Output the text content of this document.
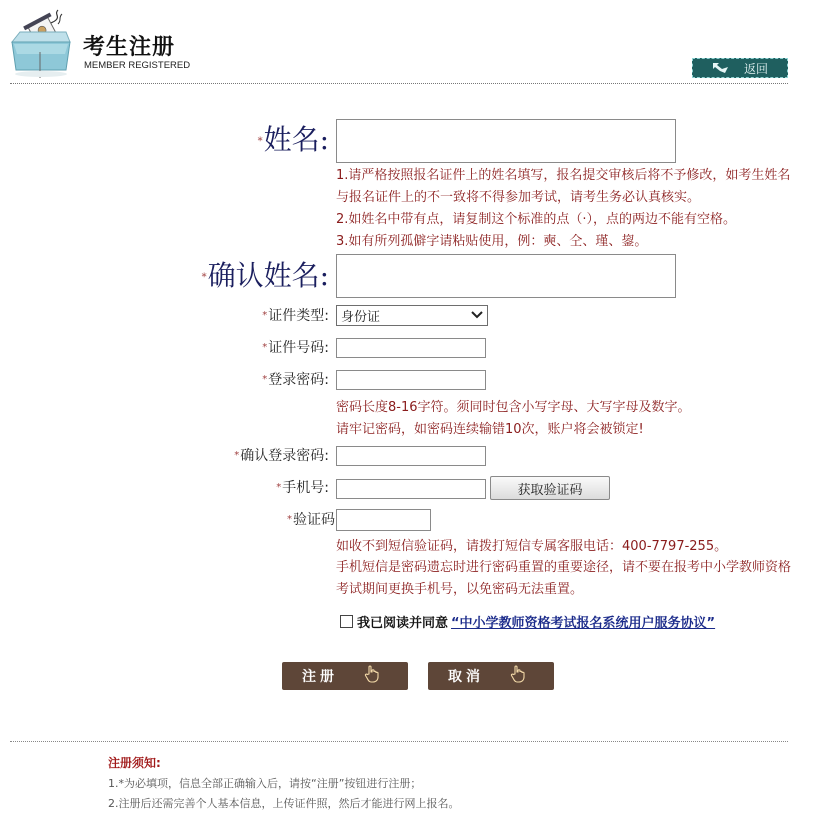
考生注册
MEMBER REGISTERED	返回
*姓名:
1.请严格按照报名证件上的姓名填写，报名提交审核后将不予修改，如考生姓名
与报名证件上的不一致将不得参加考试，请考生务必认真核实。
2.如姓名中带有点，请复制这个标准的点（·），点的两边不能有空格。
3.如有所列孤僻字请粘贴使用，例：奭、仝、瑾、鋆。
*确认姓名:
*证件类型: 身份证
*证件号码:
*登录密码:
密码长度8-16字符。须同时包含小写字母、大写字母及数字。
请牢记密码，如密码连续输错10次，账户将会被锁定!
*确认登录密码:
*手机号:	获取验证码
*验证码
如收不到短信验证码，请拨打短信专属客服电话：400-7797-255。
手机短信是密码遗忘时进行密码重置的重要途径，请不要在报考中小学教师资格
考试期间更换手机号，以免密码无法重置。
我已阅读并同意 “中小学教师资格考试报名系统用户服务协议”
注册	取消
注册须知:
1.*为必填项，信息全部正确输入后，请按“注册”按钮进行注册；
2.注册后还需完善个人基本信息，上传证件照，然后才能进行网上报名。
